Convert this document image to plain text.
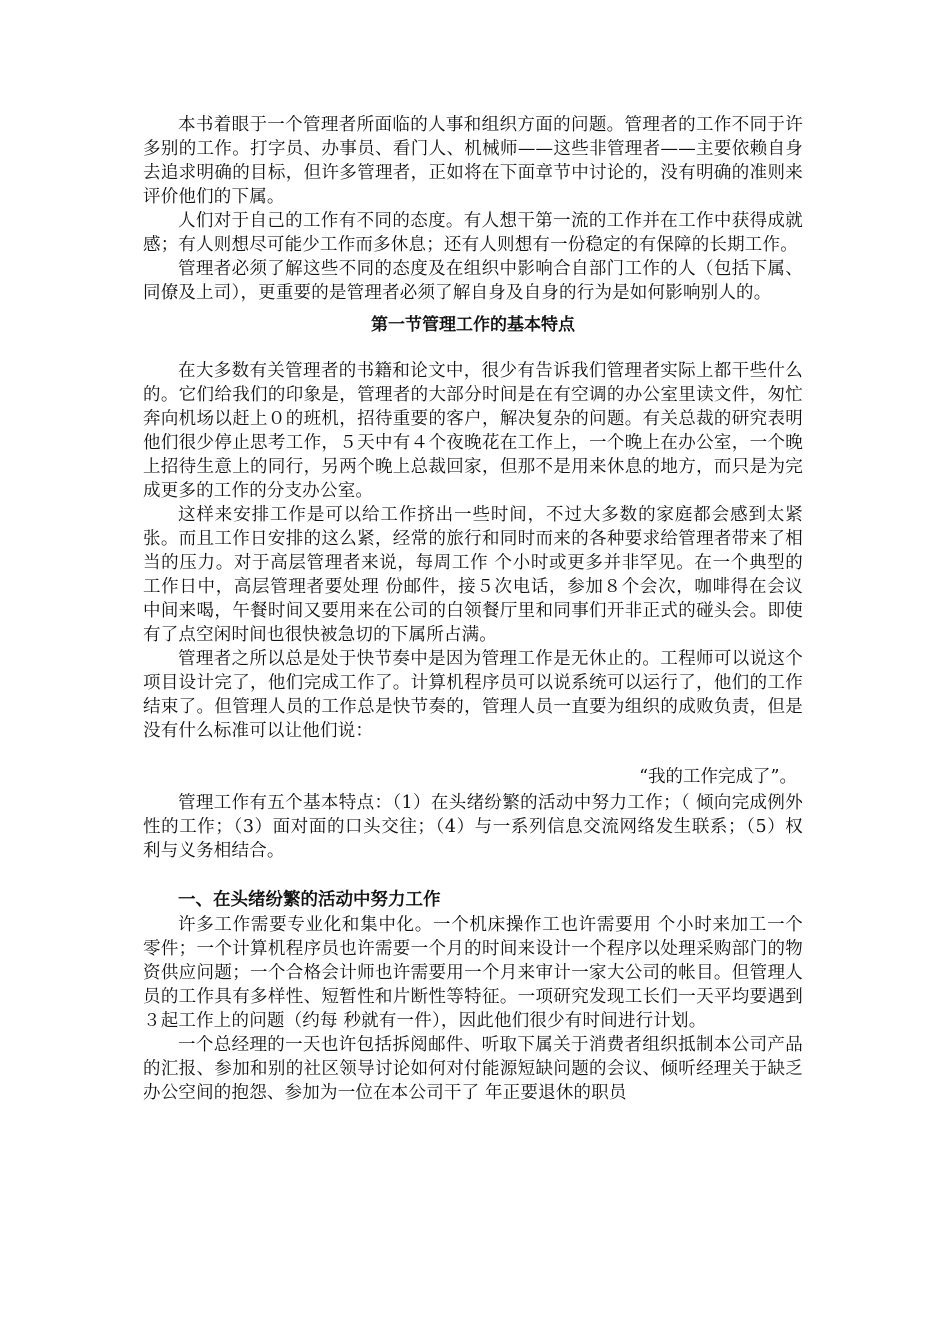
本书着眼于一个管理者所面临的人事和组织方面的问题。管理者的工作不同于许多别的工作。打字员、办事员、看门人、机械师——这些非管理者——主要依赖自身去追求明确的目标，但许多管理者，正如将在下面章节中讨论的，没有明确的准则来评价他们的下属。

人们对于自己的工作有不同的态度。有人想干第一流的工作并在工作中获得成就感；有人则想尽可能少工作而多休息；还有人则想有一份稳定的有保障的长期工作。

管理者必须了解这些不同的态度及在组织中影响合自部门工作的人（包括下属、同僚及上司），更重要的是管理者必须了解自身及自身的行为是如何影响别人的。

第一节管理工作的基本特点

在大多数有关管理者的书籍和论文中，很少有告诉我们管理者实际上都干些什么的。它们给我们的印象是，管理者的大部分时间是在有空调的办公室里读文件，匆忙奔向机场以赶上０的班机，招待重要的客户，解决复杂的问题。有关总裁的研究表明他们很少停止思考工作，５天中有４个夜晚花在工作上，一个晚上在办公室，一个晚上招待生意上的同行，另两个晚上总裁回家，但那不是用来休息的地方，而只是为完成更多的工作的分支办公室。

这样来安排工作是可以给工作挤出一些时间，不过大多数的家庭都会感到太紧张。而且工作日安排的这么紧，经常的旅行和同时而来的各种要求给管理者带来了相当的压力。对于高层管理者来说，每周工作 个小时或更多并非罕见。在一个典型的工作日中，高层管理者要处理 份邮件，接５次电话，参加８个会次，咖啡得在会议中间来喝，午餐时间又要用来在公司的白领餐厅里和同事们开非正式的碰头会。即使有了点空闲时间也很快被急切的下属所占满。

管理者之所以总是处于快节奏中是因为管理工作是无休止的。工程师可以说这个项目设计完了，他们完成工作了。计算机程序员可以说系统可以运行了，他们的工作结束了。但管理人员的工作总是快节奏的，管理人员一直要为组织的成败负责，但是没有什么标准可以让他们说：

“我的工作完成了”。

管理工作有五个基本特点：（1）在头绪纷繁的活动中努力工作；（ 倾向完成例外性的工作；（3）面对面的口头交往；（4）与一系列信息交流网络发生联系；（5）权利与义务相结合。

一、在头绪纷繁的活动中努力工作

许多工作需要专业化和集中化。一个机床操作工也许需要用 个小时来加工一个零件；一个计算机程序员也许需要一个月的时间来设计一个程序以处理采购部门的物资供应问题；一个合格会计师也许需要用一个月来审计一家大公司的帐目。但管理人员的工作具有多样性、短暂性和片断性等特征。一项研究发现工长们一天平均要遇到３起工作上的问题（约每 秒就有一件），因此他们很少有时间进行计划。

一个总经理的一天也许包括拆阅邮件、听取下属关于消费者组织抵制本公司产品的汇报、参加和别的社区领导讨论如何对付能源短缺问题的会议、倾听经理关于缺乏办公空间的抱怨、参加为一位在本公司干了 年正要退休的职员
